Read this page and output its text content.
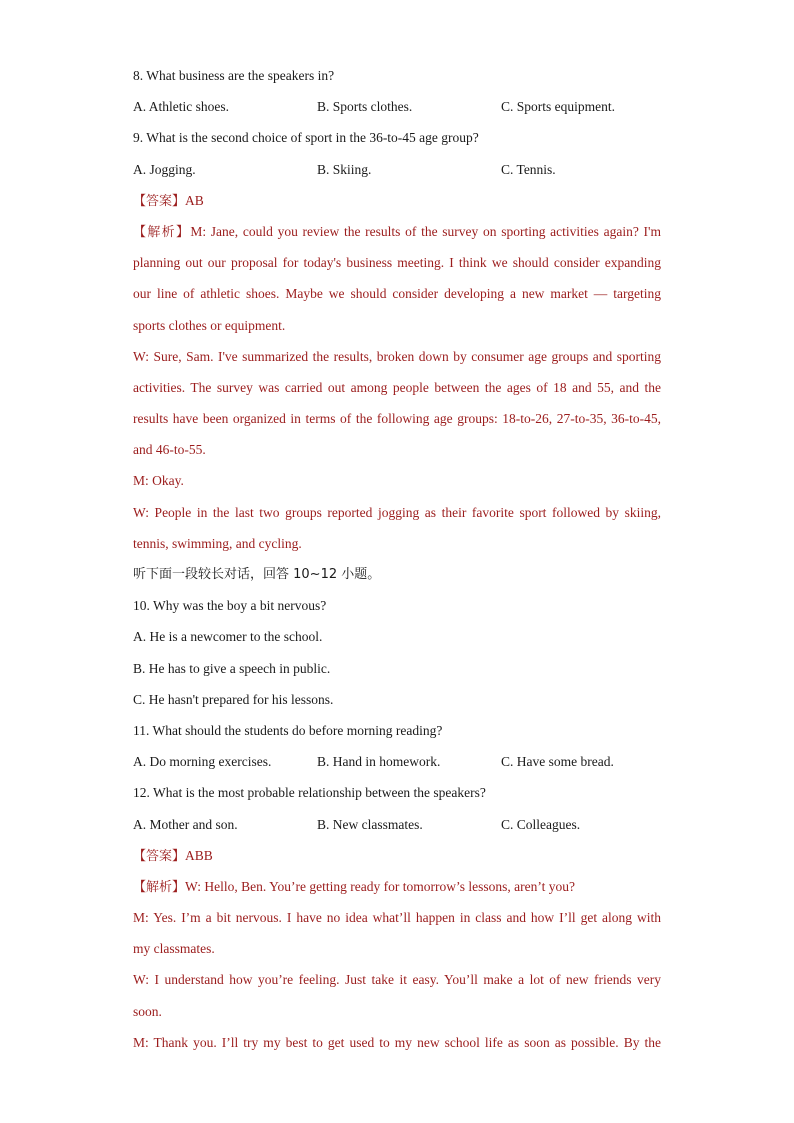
8. What business are the speakers in?
A. Athletic shoes.	B. Sports clothes.	C. Sports equipment.
9. What is the second choice of sport in the 36-to-45 age group?
A. Jogging.	B. Skiing.	C. Tennis.
【答案】AB
【解析】M: Jane, could you review the results of the survey on sporting activities again? I'm
planning out our proposal for today's business meeting. I think we should consider expanding
our line of athletic shoes. Maybe we should consider developing a new market — targeting
sports clothes or equipment.
W: Sure, Sam. I've summarized the results, broken down by consumer age groups and sporting
activities. The survey was carried out among people between the ages of 18 and 55, and the
results have been organized in terms of the following age groups: 18-to-26, 27-to-35, 36-to-45,
and 46-to-55.
M: Okay.
W: People in the last two groups reported jogging as their favorite sport followed by skiing,
tennis, swimming, and cycling.
听下面一段较长对话，回答 10~12 小题。
10. Why was the boy a bit nervous?
A. He is a newcomer to the school.
B. He has to give a speech in public.
C. He hasn't prepared for his lessons.
11. What should the students do before morning reading?
A. Do morning exercises.	B. Hand in homework.	C. Have some bread.
12. What is the most probable relationship between the speakers?
A. Mother and son.	B. New classmates.	C. Colleagues.
【答案】ABB
【解析】W: Hello, Ben. You’re getting ready for tomorrow’s lessons, aren’t you?
M: Yes. I’m a bit nervous. I have no idea what’ll happen in class and how I’ll get along with
my classmates.
W: I understand how you’re feeling. Just take it easy. You’ll make a lot of new friends very
soon.
M: Thank you. I’ll try my best to get used to my new school life as soon as possible. By the
